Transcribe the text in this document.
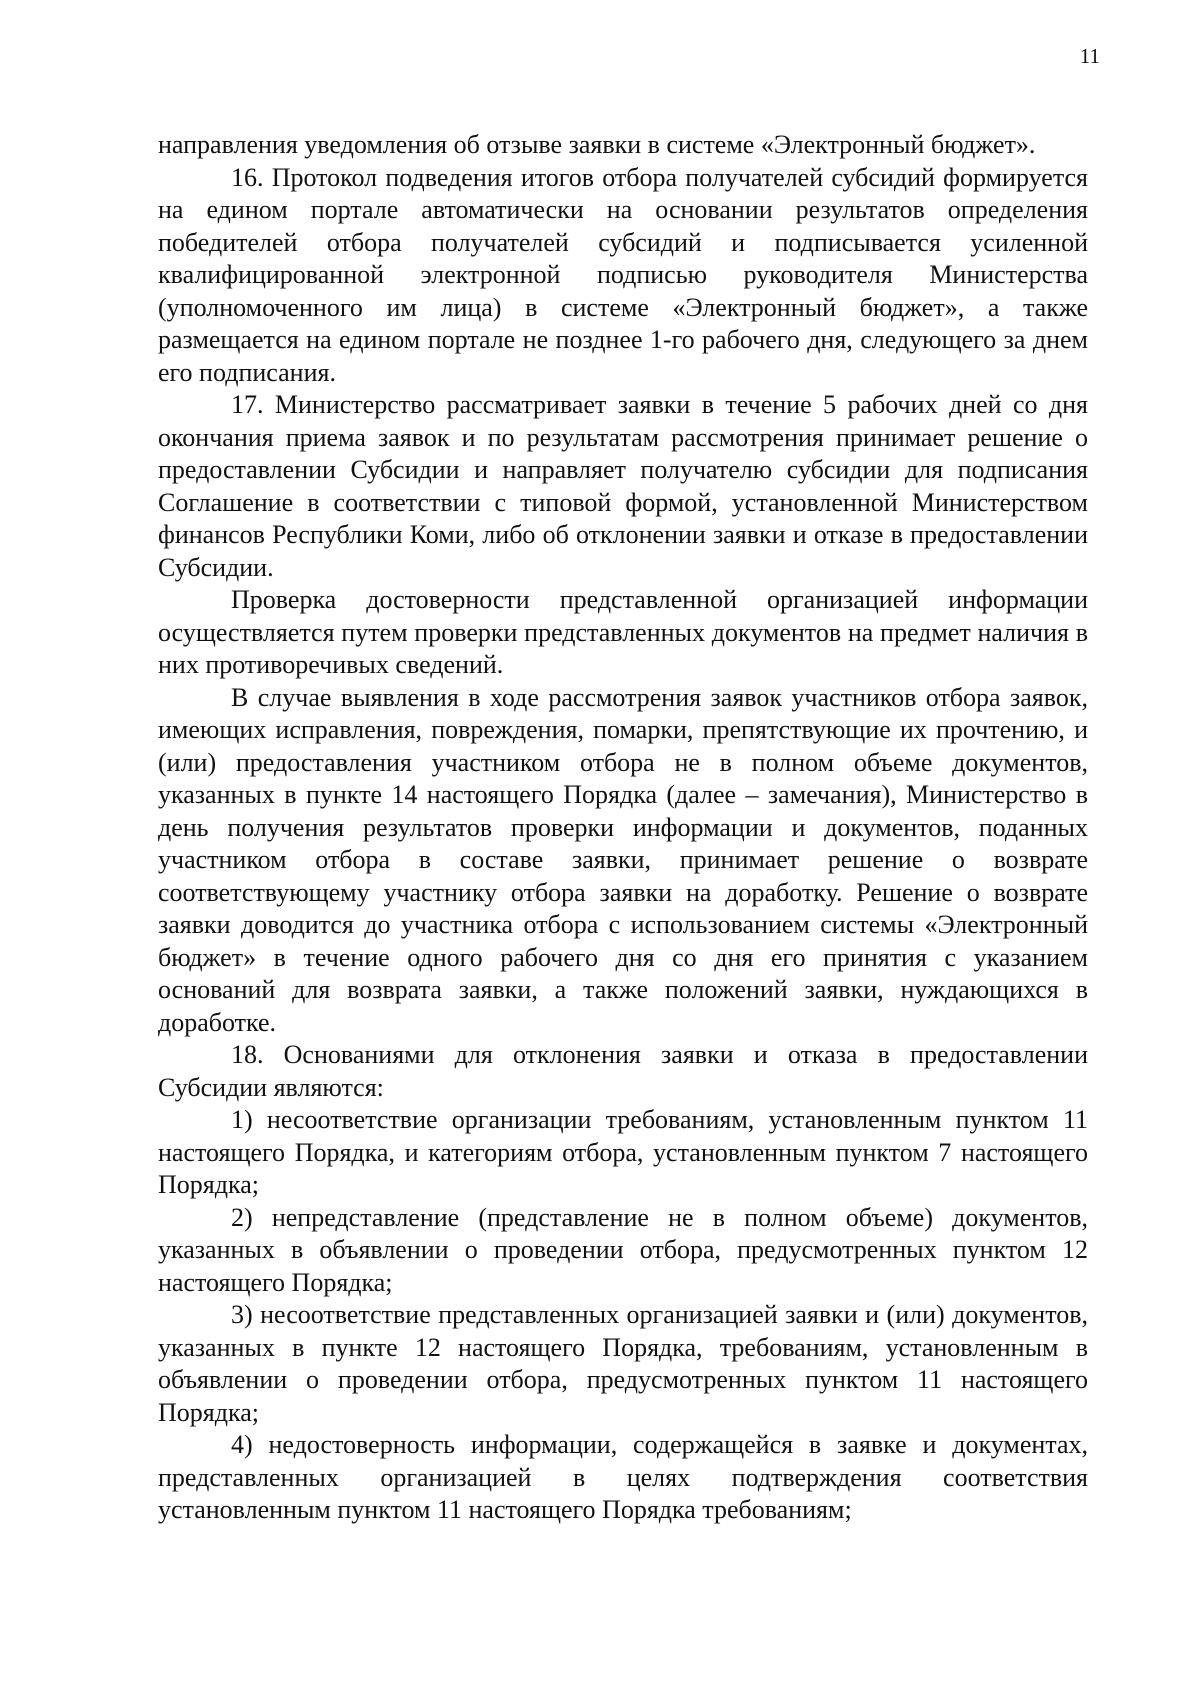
11

направления уведомления об отзыве заявки в системе «Электронный бюджет».

16. Протокол подведения итогов отбора получателей субсидий формируется на едином портале автоматически на основании результатов определения победителей отбора получателей субсидий и подписывается усиленной квалифицированной электронной подписью руководителя Министерства (уполномоченного им лица) в системе «Электронный бюджет», а также размещается на едином портале не позднее 1-го рабочего дня, следующего за днем его подписания.

17. Министерство рассматривает заявки в течение 5 рабочих дней со дня окончания приема заявок и по результатам рассмотрения принимает решение о предоставлении Субсидии и направляет получателю субсидии для подписания Соглашение в соответствии с типовой формой, установленной Министерством финансов Республики Коми, либо об отклонении заявки и отказе в предоставлении Субсидии.

Проверка достоверности представленной организацией информации осуществляется путем проверки представленных документов на предмет наличия в них противоречивых сведений.

В случае выявления в ходе рассмотрения заявок участников отбора заявок, имеющих исправления, повреждения, помарки, препятствующие их прочтению, и (или) предоставления участником отбора не в полном объеме документов, указанных в пункте 14 настоящего Порядка (далее – замечания), Министерство в день получения результатов проверки информации и документов, поданных участником отбора в составе заявки, принимает решение о возврате соответствующему участнику отбора заявки на доработку. Решение о возврате заявки доводится до участника отбора с использованием системы «Электронный бюджет» в течение одного рабочего дня со дня его принятия с указанием оснований для возврата заявки, а также положений заявки, нуждающихся в доработке.

18. Основаниями для отклонения заявки и отказа в предоставлении Субсидии являются:

1) несоответствие организации требованиям, установленным пунктом 11 настоящего Порядка, и категориям отбора, установленным пунктом 7 настоящего Порядка;

2) непредставление (представление не в полном объеме) документов, указанных в объявлении о проведении отбора, предусмотренных пунктом 12 настоящего Порядка;

3) несоответствие представленных организацией заявки и (или) документов, указанных в пункте 12 настоящего Порядка, требованиям, установленным в объявлении о проведении отбора, предусмотренных пунктом 11 настоящего Порядка;

4) недостоверность информации, содержащейся в заявке и документах, представленных организацией в целях подтверждения соответствия установленным пунктом 11 настоящего Порядка требованиям;
